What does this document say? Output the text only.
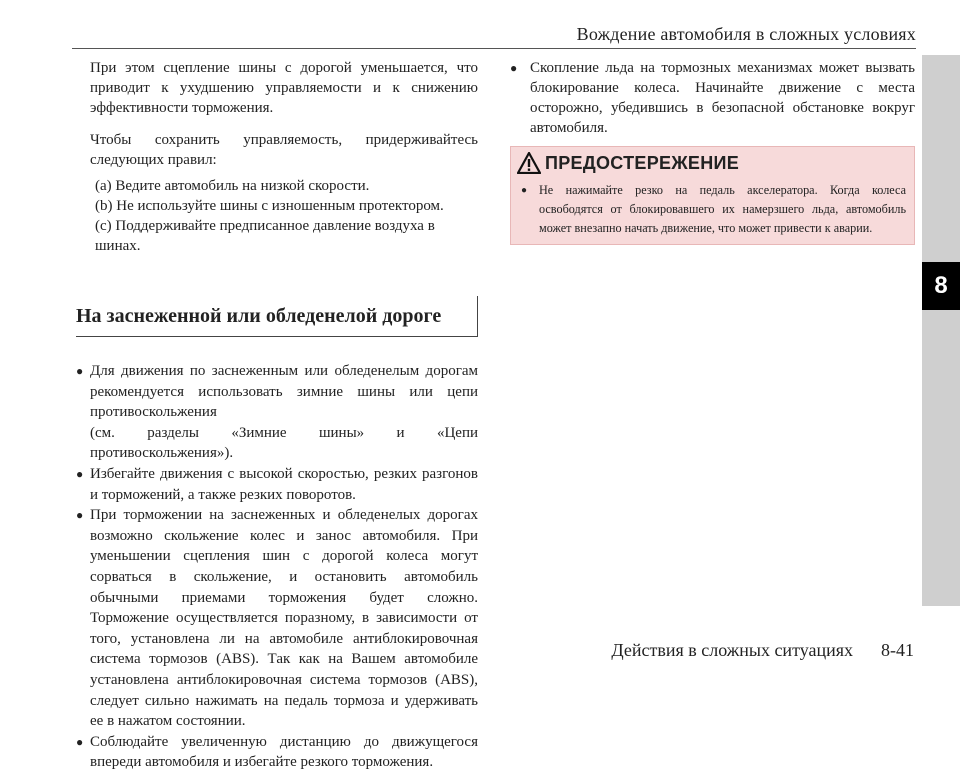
Вождение автомобиля в сложных условиях
8

При этом сцепление шины с дорогой уменьшается, что приводит к ухудшению управляемости и к снижению эффективности торможения.

Чтобы сохранить управляемость, придерживайтесь следующих правил:

(a) Ведите автомобиль на низкой скорости.
(b) Не используйте шины с изношенным протектором.
(c) Поддерживайте предписанное давление воздуха в шинах.
На заснеженной или обледенелой дороге
● Для движения по заснеженным или обледенелым дорогам рекомендуется использовать зимние шины или цепи противоскольжения
(см. разделы «Зимние шины» и «Цепи противоскольжения»).
● Избегайте движения с высокой скоростью, резких разгонов и торможений, а также резких поворотов.
● При торможении на заснеженных и обледенелых дорогах возможно скольжение колес и занос автомобиля. При уменьшении сцепления шин с дорогой колеса могут сорваться в скольжение, и остановить автомобиль обычными приемами торможения будет сложно. Торможение осуществляется поразному, в зависимости от того, установлена ли на автомобиле антиблокировочная система тормозов (ABS). Так как на Вашем автомобиле установлена антиблокировочная система тормозов (ABS), следует сильно нажимать на педаль тормоза и удерживать ее в нажатом состоянии.
● Соблюдайте увеличенную дистанцию до движущегося впереди автомобиля и избегайте резкого торможения.
● Скопление льда на тормозных механизмах может вызвать блокирование колеса. Начинайте движение с места осторожно, убедившись в безопасной обстановке вокруг автомобиля.
ПРЕДОСТЕРЕЖЕНИЕ
● Не нажимайте резко на педаль акселератора. Когда колеса освободятся от блокировавшего их намерзшего льда, автомобиль может внезапно начать движение, что может привести к аварии.
Действия в сложных ситуациях 8-41
